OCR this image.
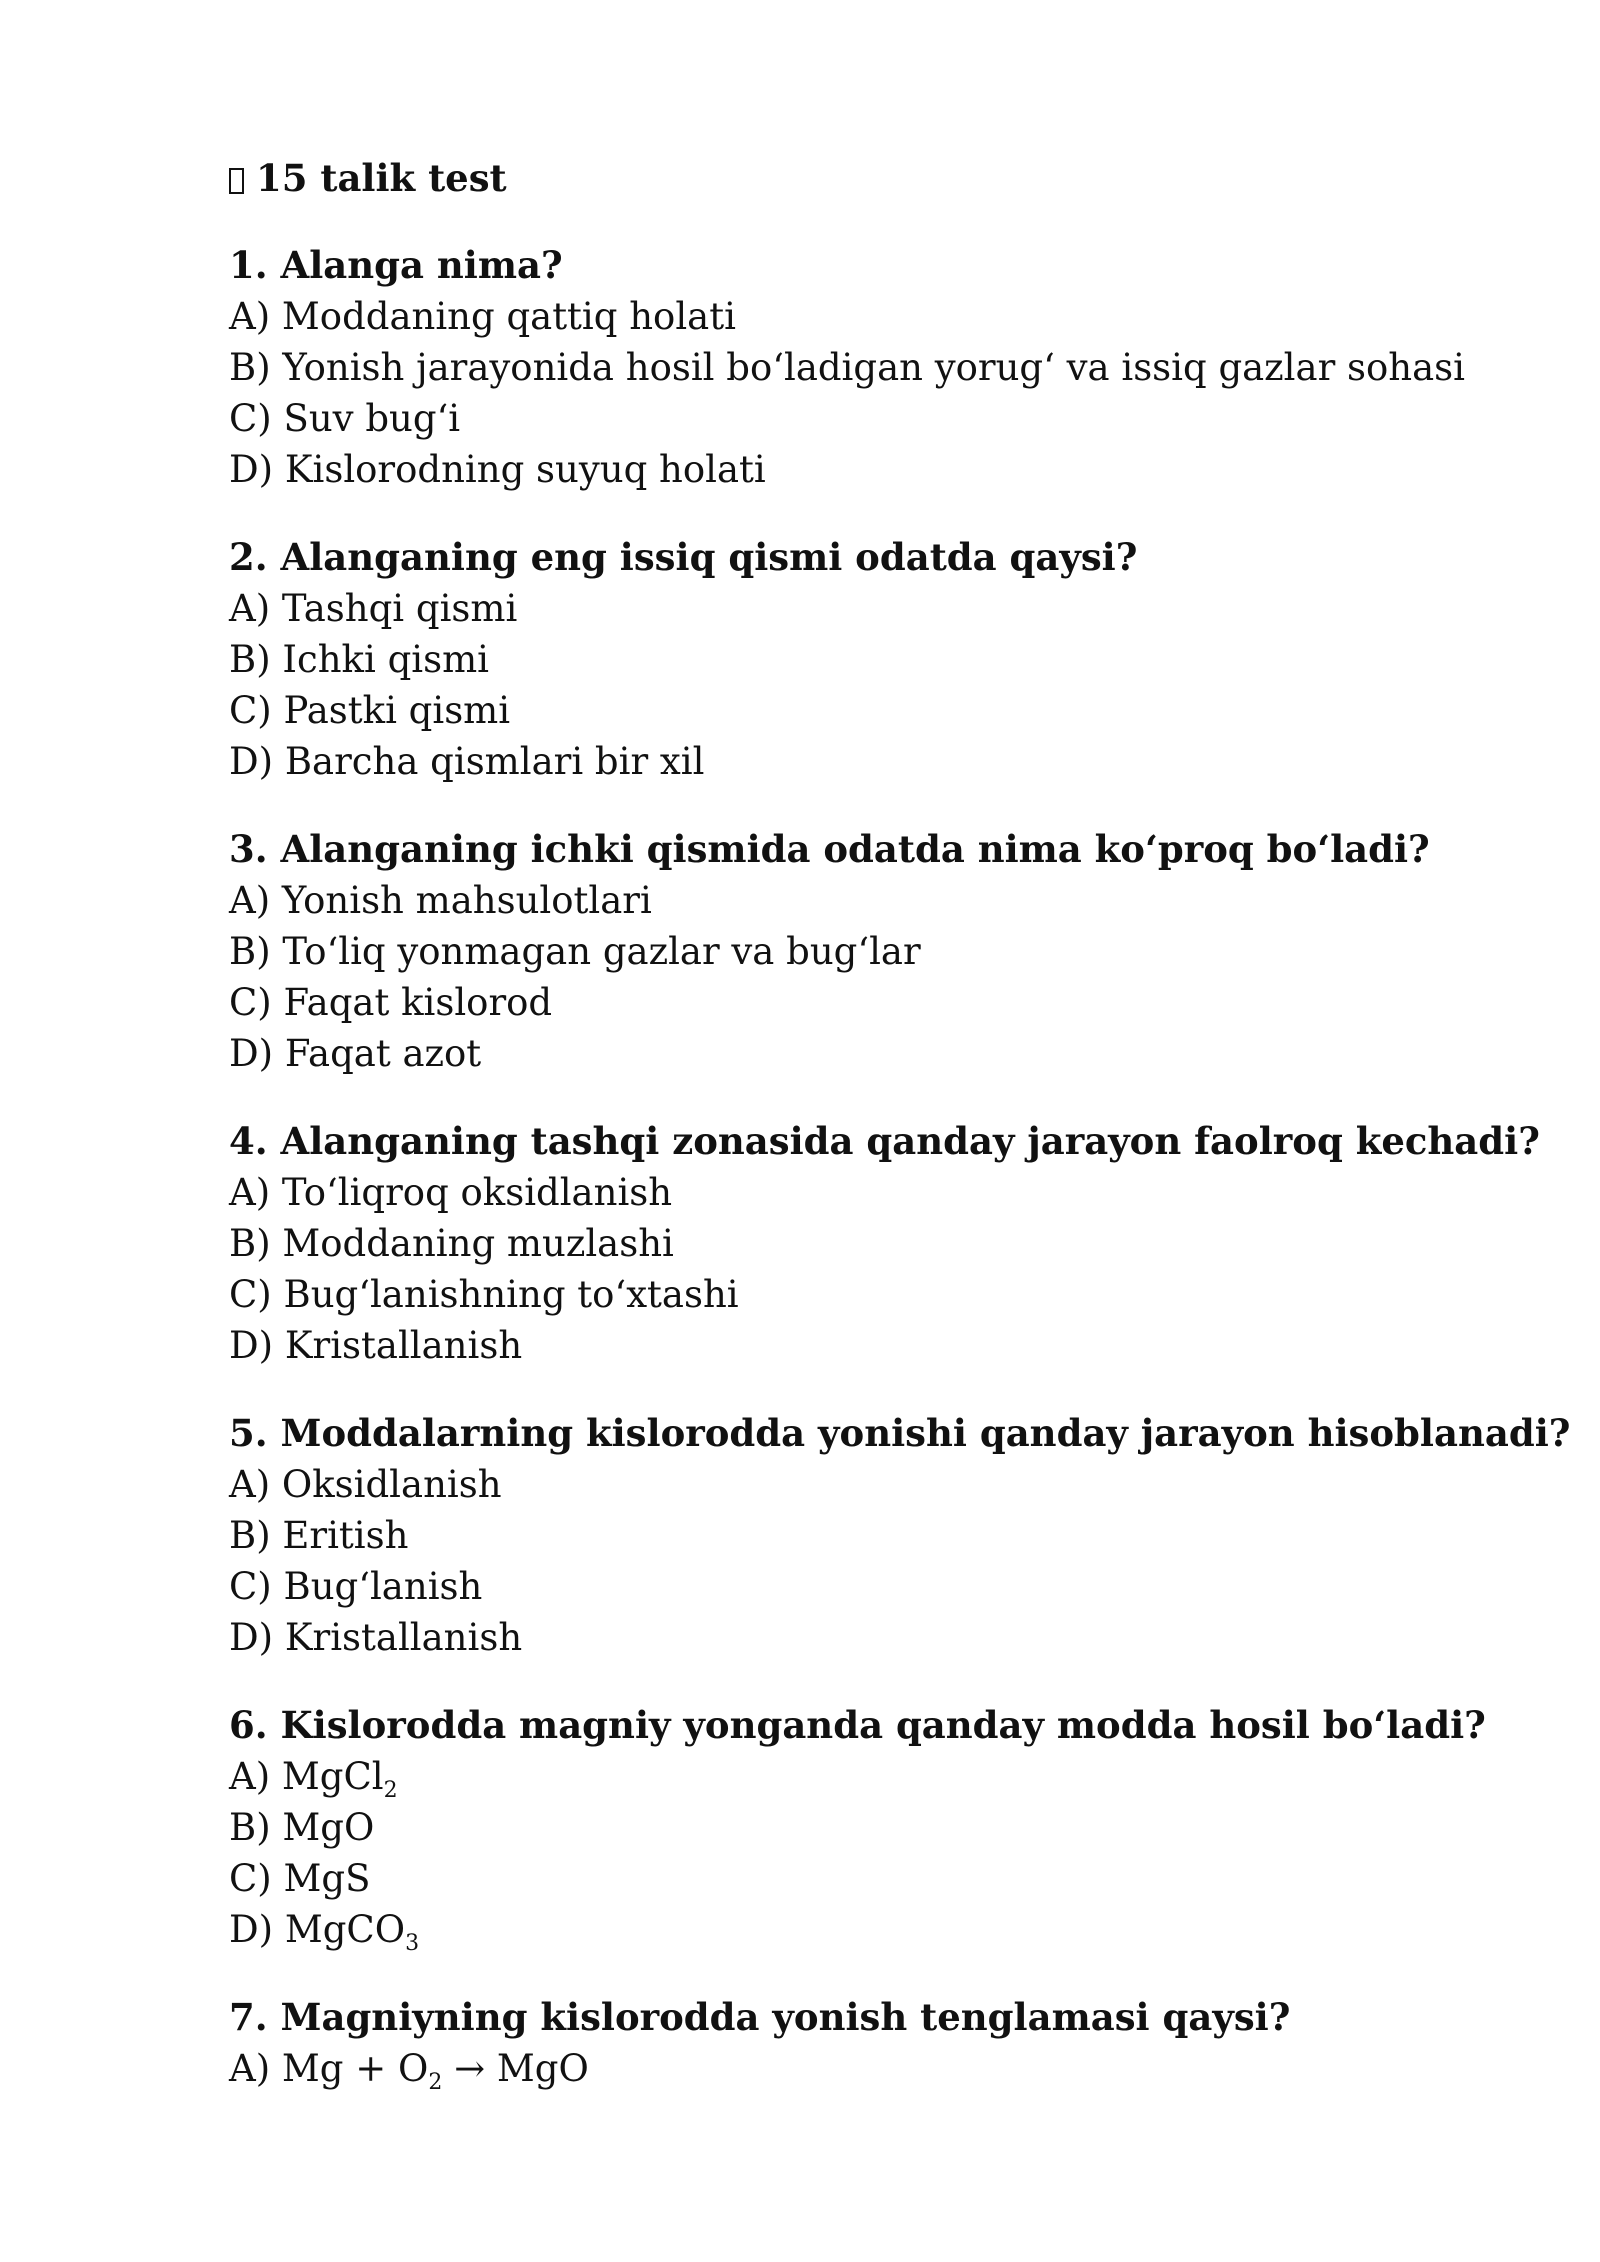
15 talik test
1. Alanga nima?
A) Moddaning qattiq holati
B) Yonish jarayonida hosil bo‘ladigan yorug‘ va issiq gazlar sohasi
C) Suv bug‘i
D) Kislorodning suyuq holati
2. Alanganing eng issiq qismi odatda qaysi?
A) Tashqi qismi
B) Ichki qismi
C) Pastki qismi
D) Barcha qismlari bir xil
3. Alanganing ichki qismida odatda nima ko‘proq bo‘ladi?
A) Yonish mahsulotlari
B) To‘liq yonmagan gazlar va bug‘lar
C) Faqat kislorod
D) Faqat azot
4. Alanganing tashqi zonasida qanday jarayon faolroq kechadi?
A) To‘liqroq oksidlanish
B) Moddaning muzlashi
C) Bug‘lanishning to‘xtashi
D) Kristallanish
5. Moddalarning kislorodda yonishi qanday jarayon hisoblanadi?
A) Oksidlanish
B) Eritish
C) Bug‘lanish
D) Kristallanish
6. Kislorodda magniy yonganda qanday modda hosil bo‘ladi?
A) MgCl$_2$
B) MgO
C) MgS
D) MgCO$_3$
7. Magniyning kislorodda yonish tenglamasi qaysi?
A) $Mg + O_2$ → MgO
